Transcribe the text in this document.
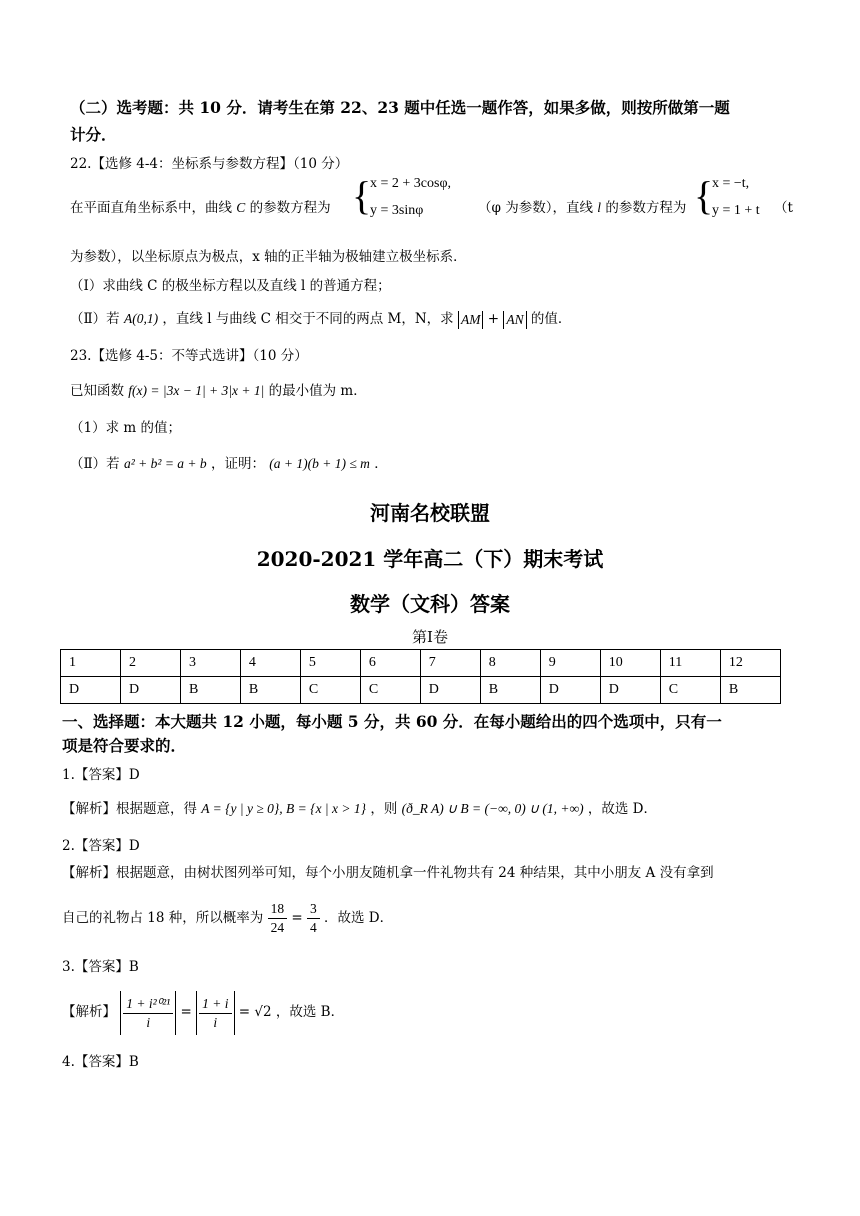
（二）选考题：共 10 分．请考生在第 22、23 题中任选一题作答，如果多做，则按所做第一题
计分．
22.【选修 4-4：坐标系与参数方程】（10 分）
在平面直角坐标系中，曲线 C 的参数方程为 {
x = 2 + 3cosφ,
y = 3sinφ	（φ 为参数），直线 l 的参数方程为 {
x = −t,
y = 1 + t （t
为参数），以坐标原点为极点，x 轴的正半轴为极轴建立极坐标系．
（Ⅰ）求曲线 C 的极坐标方程以及直线 l 的普通方程；
（Ⅱ）若 A(0,1) ，直线 l 与曲线 C 相交于不同的两点 M，N，求 AM + AN 的值．
23.【选修 4-5：不等式选讲】（10 分）
已知函数 f(x) = |3x − 1| + 3|x + 1| 的最小值为 m．
（1）求 m 的值；
（Ⅱ）若 a² + b² = a + b ，证明： (a + 1)(b + 1) ≤ m ．
河南名校联盟
2020-2021 学年高二（下）期末考试
数学（文科）答案
第Ⅰ卷
1	2	3	4	5	6	7	8	9	10	11	12
D	D	B	B	C	C	D	B	D	D	C	B
一、选择题：本大题共 12 小题，每小题 5 分，共 60 分．在每小题给出的四个选项中，只有一
项是符合要求的．
1.【答案】D
【解析】根据题意，得 A = {y | y ≥ 0}, B = {x | x > 1} ，则 (ð_R A) ∪ B = (−∞, 0) ∪ (1, +∞) ，故选 D．
2.【答案】D
【解析】根据题意，由树状图列举可知，每个小朋友随机拿一件礼物共有 24 种结果，其中小朋友 A 没有拿到
自己的礼物占 18 种，所以概率为 $\frac{18}{24} = \frac{3}{4}$ ．故选 D．
3.【答案】B
【解析】 $\frac{\text{1 + i²⁰²¹}}{i} = \frac{1 + i}{i} = √2$ ，故选 B．
4.【答案】B
